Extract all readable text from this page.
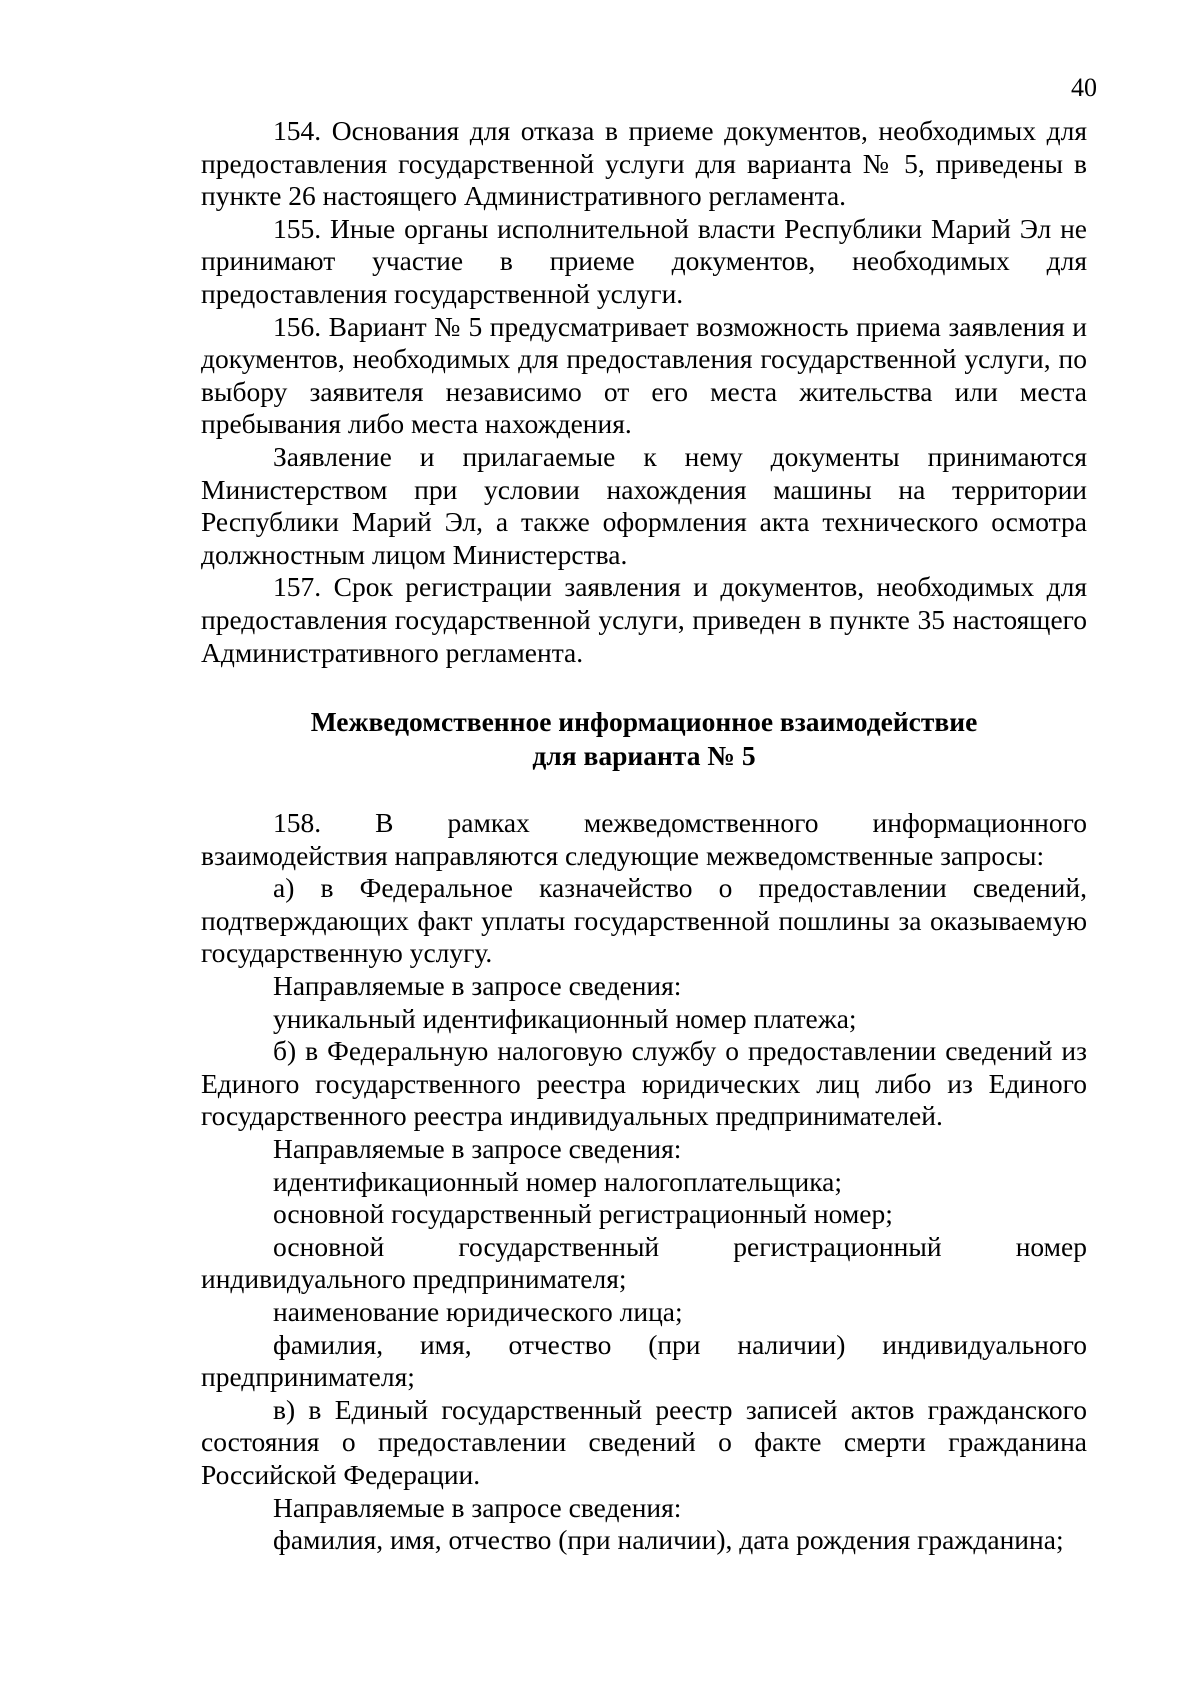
40

154. Основания для отказа в приеме документов, необходимых для предоставления государственной услуги для варианта № 5, приведены в пункте 26 настоящего Административного регламента.

155. Иные органы исполнительной власти Республики Марий Эл не принимают участие в приеме документов, необходимых для предоставления государственной услуги.

156. Вариант № 5 предусматривает возможность приема заявления и документов, необходимых для предоставления государственной услуги, по выбору заявителя независимо от его места жительства или места пребывания либо места нахождения.

Заявление и прилагаемые к нему документы принимаются Министерством при условии нахождения машины на территории Республики Марий Эл, а также оформления акта технического осмотра должностным лицом Министерства.

157. Срок регистрации заявления и документов, необходимых для предоставления государственной услуги, приведен в пункте 35 настоящего Административного регламента.

Межведомственное информационное взаимодействие
для варианта № 5

158. В рамках межведомственного информационного взаимодействия направляются следующие межведомственные запросы:

а) в Федеральное казначейство о предоставлении сведений, подтверждающих факт уплаты государственной пошлины за оказываемую государственную услугу.

Направляемые в запросе сведения:

уникальный идентификационный номер платежа;

б) в Федеральную налоговую службу о предоставлении сведений из Единого государственного реестра юридических лиц либо из Единого государственного реестра индивидуальных предпринимателей.

Направляемые в запросе сведения:

идентификационный номер налогоплательщика;

основной государственный регистрационный номер;

основной государственный регистрационный номер индивидуального предпринимателя;

наименование юридического лица;

фамилия, имя, отчество (при наличии) индивидуального предпринимателя;

в) в Единый государственный реестр записей актов гражданского состояния о предоставлении сведений о факте смерти гражданина Российской Федерации.

Направляемые в запросе сведения:

фамилия, имя, отчество (при наличии), дата рождения гражданина;
